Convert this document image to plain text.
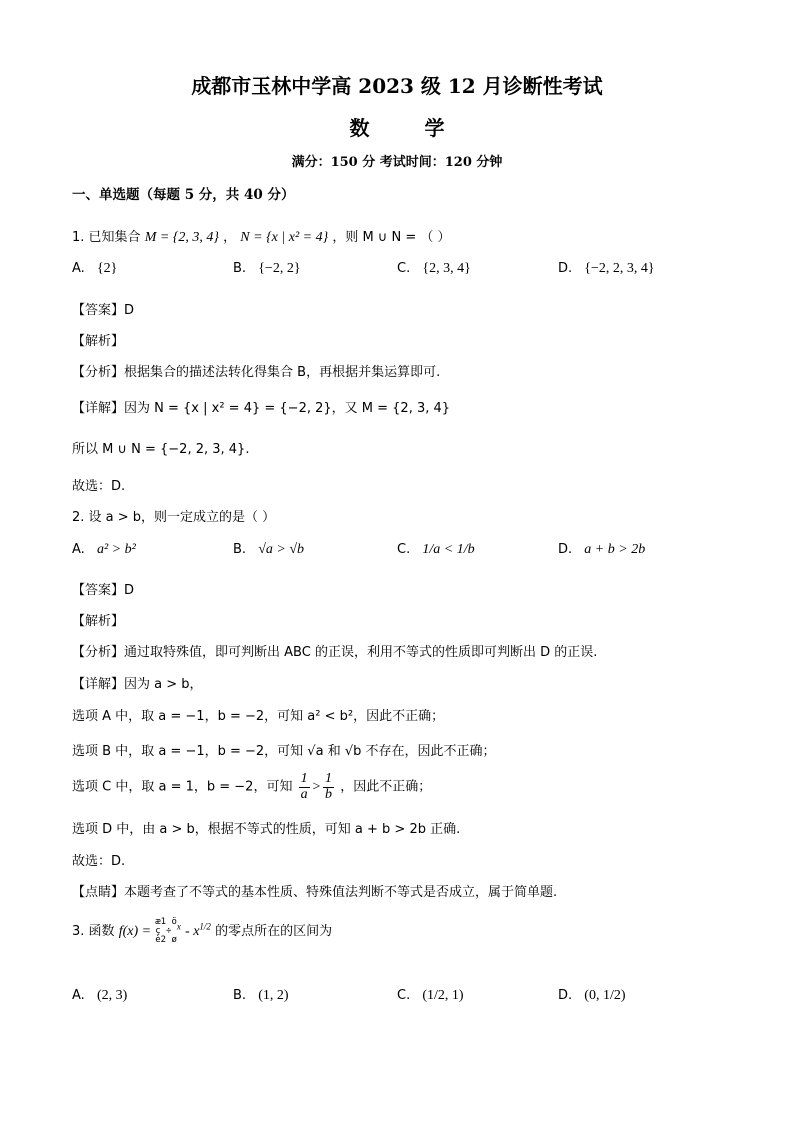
成都市玉林中学高 2023 级 12 月诊断性考试
数 学
满分：150 分 考试时间：120 分钟
一、单选题（每题 5 分，共 40 分）
1. 已知集合 M = {2, 3, 4} ， N = {x | x² = 4} ，则 M ∪ N = （ ）
A. {2}	B. {−2, 2}	C. {2, 3, 4}	D. {−2, 2, 3, 4}
【答案】D
【解析】
【分析】根据集合的描述法转化得集合 B，再根据并集运算即可.
【详解】因为 N = {x | x² = 4} = {−2, 2}，又 M = {2, 3, 4}
所以 M ∪ N = {−2, 2, 3, 4}.
故选：D.
2. 设 a > b，则一定成立的是（ ）
A. a² > b²	B. √a > √b	C. 1/a < 1/b	D. a + b > 2b
【答案】D
【解析】
【分析】通过取特殊值，即可判断出 ABC 的正误，利用不等式的性质即可判断出 D 的正误.
【详解】因为 a > b，
选项 A 中，取 a = −1，b = −2，可知 a² < b²，因此不正确；
选项 B 中，取 a = −1，b = −2，可知 √a 和 √b 不存在，因此不正确；
选项 C 中，取 a = 1，b = −2，可知 $\frac{1}{a} > \frac{1}{b}$ ，因此不正确；
选项 D 中，由 a > b，根据不等式的性质，可知 a + b > 2b 正确.
故选：D.
【点睛】本题考查了不等式的基本性质、特殊值法判断不等式是否成立，属于简单题.
3. 函数 f(x) = æ1 ö
ç ÷
è2 $ø^x - x^{1/2}$ 的零点所在的区间为
A. (2, 3)	B. (1, 2)	C. (1/2, 1)	D. (0, 1/2)
